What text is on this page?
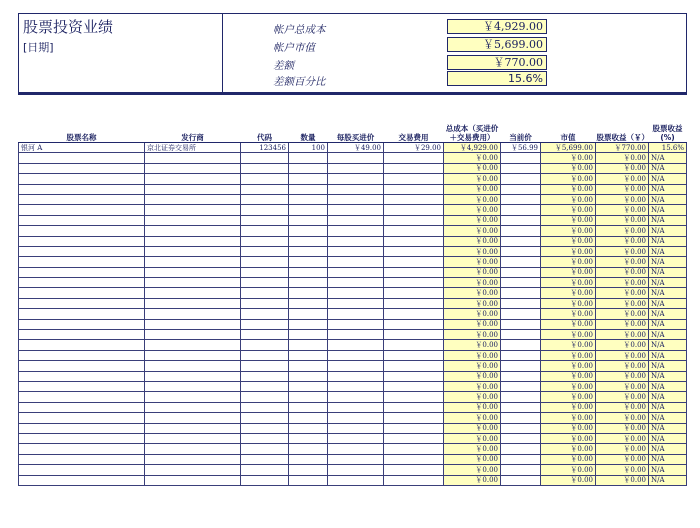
股票投资业绩
[日期]
帐户总成本	￥4,929.00
帐户市值	￥5,699.00
差额	￥770.00
差额百分比	15.6%
股票名称	发行商	代码	数量	每股买进价	交易费用	总成本（买进价＋交易费用）	当前价	市值	股票收益（￥）	股票收益(%)
银河 A	京北证券交易所	123456	100	￥49.00	￥29.00	￥4,929.00	￥56.99	￥5,699.00	￥770.00	15.6%
						￥0.00		￥0.00	￥0.00	N/A
						￥0.00		￥0.00	￥0.00	N/A
						￥0.00		￥0.00	￥0.00	N/A
						￥0.00		￥0.00	￥0.00	N/A
						￥0.00		￥0.00	￥0.00	N/A
						￥0.00		￥0.00	￥0.00	N/A
						￥0.00		￥0.00	￥0.00	N/A
						￥0.00		￥0.00	￥0.00	N/A
						￥0.00		￥0.00	￥0.00	N/A
						￥0.00		￥0.00	￥0.00	N/A
						￥0.00		￥0.00	￥0.00	N/A
						￥0.00		￥0.00	￥0.00	N/A
						￥0.00		￥0.00	￥0.00	N/A
						￥0.00		￥0.00	￥0.00	N/A
						￥0.00		￥0.00	￥0.00	N/A
						￥0.00		￥0.00	￥0.00	N/A
						￥0.00		￥0.00	￥0.00	N/A
						￥0.00		￥0.00	￥0.00	N/A
						￥0.00		￥0.00	￥0.00	N/A
						￥0.00		￥0.00	￥0.00	N/A
						￥0.00		￥0.00	￥0.00	N/A
						￥0.00		￥0.00	￥0.00	N/A
						￥0.00		￥0.00	￥0.00	N/A
						￥0.00		￥0.00	￥0.00	N/A
						￥0.00		￥0.00	￥0.00	N/A
						￥0.00		￥0.00	￥0.00	N/A
						￥0.00		￥0.00	￥0.00	N/A
						￥0.00		￥0.00	￥0.00	N/A
						￥0.00		￥0.00	￥0.00	N/A
						￥0.00		￥0.00	￥0.00	N/A
						￥0.00		￥0.00	￥0.00	N/A
						￥0.00		￥0.00	￥0.00	N/A
